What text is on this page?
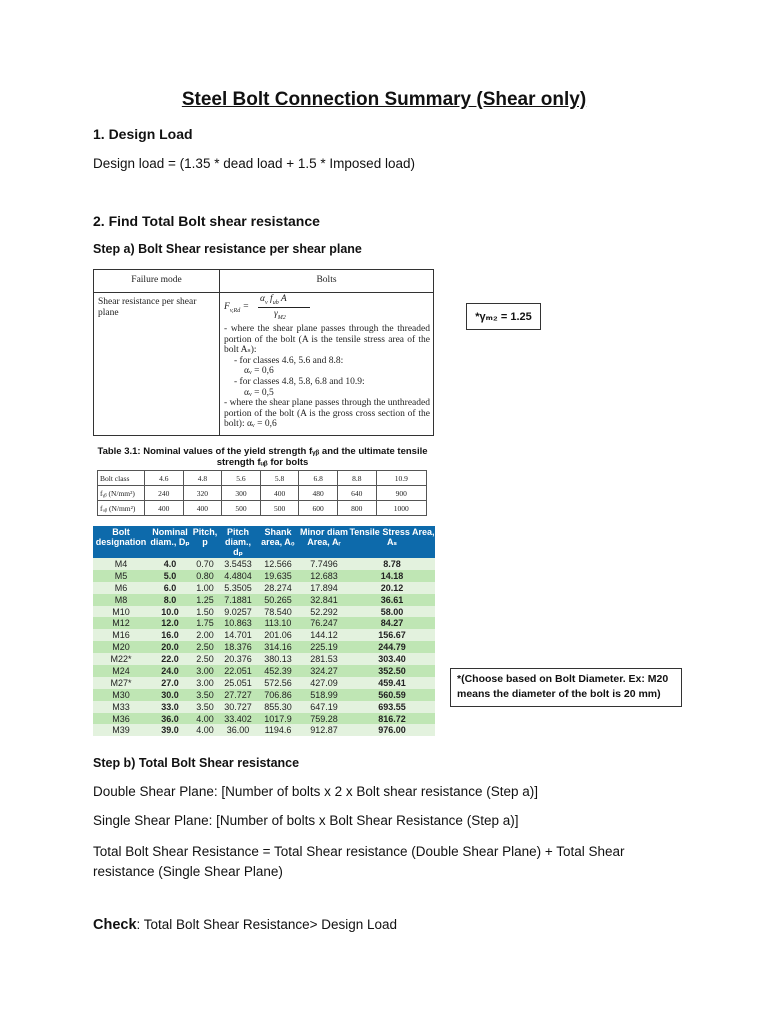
Steel Bolt Connection Summary (Shear only)
1. Design Load
Design load = (1.35 * dead load + 1.5 * Imposed load)
2. Find Total Bolt shear resistance
Step a) Bolt Shear resistance per shear plane
Failure mode	Bolts
Shear resistance per shear plane
$F_{v,Rd}$ =
$\alpha_v$ $f_{ub}$ A
$\gamma_{M2}$
- where the shear plane passes through the threaded portion of the bolt (A is the tensile stress area of the bolt Aₛ):
- for classes 4.6, 5.6 and 8.8:
αᵥ = 0,6
- for classes 4.8, 5.8, 6.8 and 10.9:
αᵥ = 0,5
- where the shear plane passes through the unthreaded portion of the bolt (A is the gross cross section of the bolt): αᵥ = 0,6
*γₘ₂ = 1.25
Table 3.1: Nominal values of the yield strength fᵧᵦ and the ultimate tensile strength fᵤᵦ for bolts
Bolt class	4.6	4.8	5.6	5.8	6.8	8.8	10.9
fᵧᵦ (N/mm²)	240	320	300	400	480	640	900
fᵤᵦ (N/mm²)	400	400	500	500	600	800	1000
Bolt designation	Nominal diam., Dₚ	Pitch, p	Pitch diam., dₚ	Shank area, A₀	Minor diam Area, Aᵣ	Tensile Stress Area, Aₛ
M4	4.0	0.70	3.5453	12.566	7.7496	8.78
M5	5.0	0.80	4.4804	19.635	12.683	14.18
M6	6.0	1.00	5.3505	28.274	17.894	20.12
M8	8.0	1.25	7.1881	50.265	32.841	36.61
M10	10.0	1.50	9.0257	78.540	52.292	58.00
M12	12.0	1.75	10.863	113.10	76.247	84.27
M16	16.0	2.00	14.701	201.06	144.12	156.67
M20	20.0	2.50	18.376	314.16	225.19	244.79
M22*	22.0	2.50	20.376	380.13	281.53	303.40
M24	24.0	3.00	22.051	452.39	324.27	352.50
M27*	27.0	3.00	25.051	572.56	427.09	459.41
M30	30.0	3.50	27.727	706.86	518.99	560.59
M33	33.0	3.50	30.727	855.30	647.19	693.55
M36	36.0	4.00	33.402	1017.9	759.28	816.72
M39	39.0	4.00	36.00	1194.6	912.87	976.00
*(Choose based on Bolt Diameter. Ex: M20 means the diameter of the bolt is 20 mm)
Step b) Total Bolt Shear resistance
Double Shear Plane: [Number of bolts x 2 x Bolt shear resistance (Step a)]
Single Shear Plane: [Number of bolts x Bolt Shear Resistance (Step a)]
Total Bolt Shear Resistance = Total Shear resistance (Double Shear Plane) + Total Shear resistance (Single Shear Plane)
Check: Total Bolt Shear Resistance> Design Load
